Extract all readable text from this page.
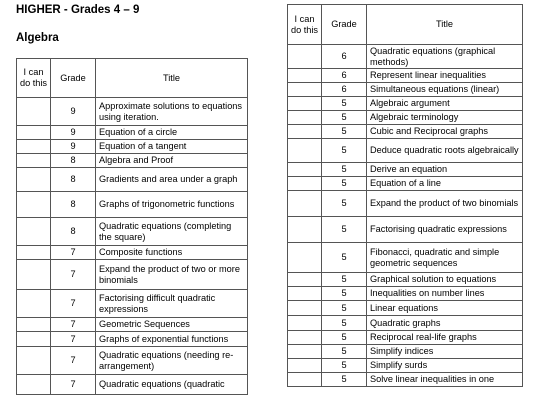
HIGHER - Grades 4 – 9
Algebra
I can do this	Grade	Title
	9	Approximate solutions to equations using iteration.
	9	Equation of a circle
	9	Equation of a tangent
	8	Algebra and Proof
	8	Gradients and area under a graph
	8	Graphs of trigonometric functions
	8	Quadratic equations (completing the square)
	7	Composite functions
	7	Expand the product of two or more binomials
	7	Factorising difficult quadratic expressions
	7	Geometric Sequences
	7	Graphs of exponential functions
	7	Quadratic equations (needing re-arrangement)
	7	Quadratic equations (quadratic
I can do this	Grade	Title
	6	Quadratic equations (graphical methods)
	6	Represent linear inequalities
	6	Simultaneous equations (linear)
	5	Algebraic argument
	5	Algebraic terminology
	5	Cubic and Reciprocal graphs
	5	Deduce quadratic roots algebraically
	5	Derive an equation
	5	Equation of a line
	5	Expand the product of two binomials
	5	Factorising quadratic expressions
	5	Fibonacci, quadratic and simple geometric sequences
	5	Graphical solution to equations
	5	Inequalities on number lines
	5	Linear equations
	5	Quadratic graphs
	5	Reciprocal real-life graphs
	5	Simplify indices
	5	Simplify surds
	5	Solve linear inequalities in one
